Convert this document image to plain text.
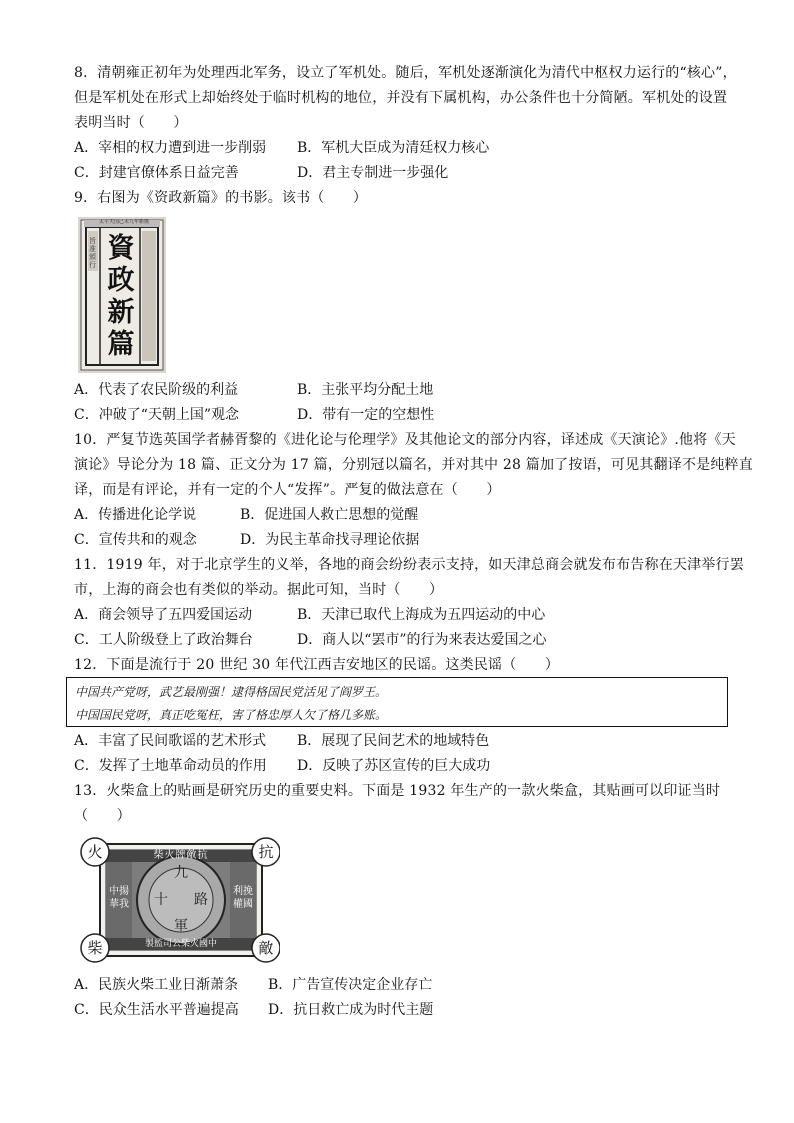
8．清朝雍正初年为处理西北军务，设立了军机处。随后，军机处逐渐演化为清代中枢权力运行的“核心”，
但是军机处在形式上却始终处于临时机构的地位，并没有下属机构，办公条件也十分简陋。军机处的设置
表明当时（　　）
A．宰相的权力遭到进一步削弱 B．军机大臣成为清廷权力核心
C．封建官僚体系日益完善	D．君主专制进一步强化
9．右图为《资政新篇》的书影。该书（　　）
太平天国己未九年新镌
資政新篇
旨准頒行
A．代表了农民阶级的利益	B．主张平均分配土地
C．冲破了“天朝上国”观念	D．带有一定的空想性
10．严复节选英国学者赫胥黎的《进化论与伦理学》及其他论文的部分内容，译述成《天演论》.他将《天
演论》导论分为 18 篇、正文分为 17 篇，分别冠以篇名，并对其中 28 篇加了按语，可见其翻译不是纯粹直
译，而是有评论，并有一定的个人“发挥”。严复的做法意在（　　）
A．传播进化论学说	B．促进国人救亡思想的觉醒
C．宣传共和的观念	D．为民主革命找寻理论依据
11．1919 年，对于北京学生的义举，各地的商会纷纷表示支持，如天津总商会就发布布告称在天津举行罢
市，上海的商会也有类似的举动。据此可知，当时（　　）
A．商会领导了五四爱国运动	B．天津已取代上海成为五四运动的中心
C．工人阶级登上了政治舞台	D．商人以“罢市”的行为来表达爱国之心
12．下面是流行于 20 世纪 30 年代江西吉安地区的民谣。这类民谣（　　）
中国共产党呀，武艺最刚强！逮得格国民党活见了阎罗王。
中国国民党呀，真正吃冤枉，害了格忠厚人欠了格几多账。
A．丰富了民间歌谣的艺术形式 B．展现了民间艺术的地域特色
C．发挥了土地革命动员的作用 D．反映了苏区宣传的巨大成功
13．火柴盒上的贴画是研究历史的重要史料。下面是 1932 年生产的一款火柴盒，其贴画可以印证当时
（　　）
火	抗
柴	敵
柴火牌敵抗
製監司公柴火國中
中揚
華我
利挽
權國
九
十 路
軍
A．民族火柴工业日渐萧条 B．广告宣传决定企业存亡
C．民众生活水平普遍提高 D．抗日救亡成为时代主题
